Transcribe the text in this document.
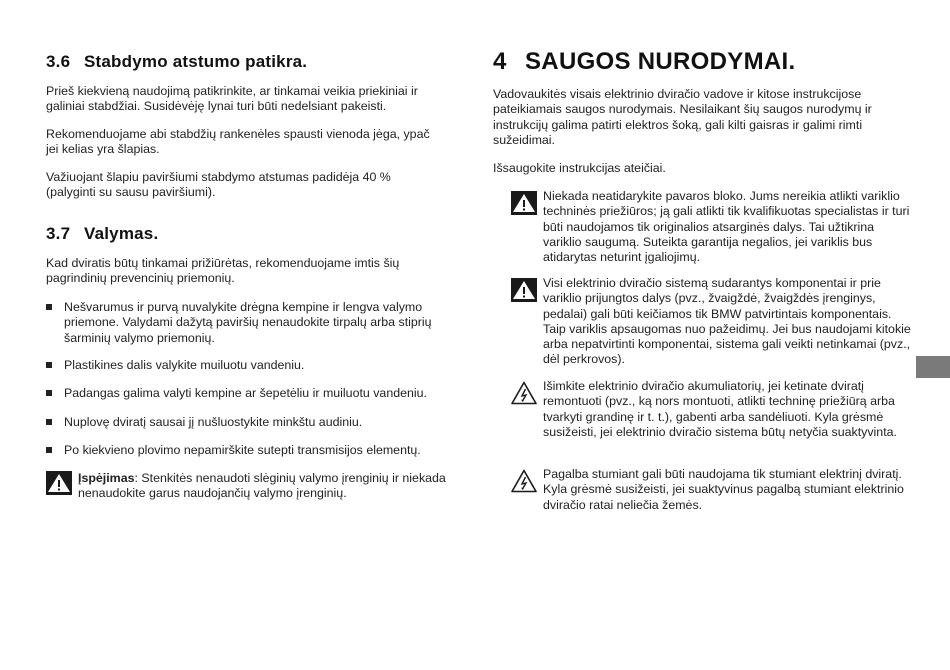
3.6 Stabdymo atstumo patikra.

Prieš kiekvieną naudojimą patikrinkite, ar tinkamai veikia priekiniai ir galiniai stabdžiai. Susidėvėję lynai turi būti nedelsiant pakeisti.

Rekomenduojame abi stabdžių rankenėles spausti vienoda jėga, ypač jei kelias yra šlapias.

Važiuojant šlapiu paviršiumi stabdymo atstumas padidėja 40 % (palyginti su sausu paviršiumi).

3.7 Valymas.

Kad dviratis būtų tinkamai prižiūrėtas, rekomenduojame imtis šių pagrindinių prevencinių priemonių.

Nešvarumus ir purvą nuvalykite drėgna kempine ir lengva valymo priemone. Valydami dažytą paviršių nenaudokite tirpalų arba stiprių šarminių valymo priemonių.

Plastikines dalis valykite muiluotu vandeniu.

Padangas galima valyti kempine ar šepetėliu ir muiluotu vandeniu.

Nuplovę dviratį sausai jį nušluostykite minkštu audiniu.

Po kiekvieno plovimo nepamirškite sutepti transmisijos elementų.

Įspėjimas: Stenkitės nenaudoti slėginių valymo įrenginių ir niekada nenaudokite garus naudojančių valymo įrenginių.

4 SAUGOS NURODYMAI.

Vadovaukitės visais elektrinio dviračio vadove ir kitose instrukcijose pateikiamais saugos nurodymais. Nesilaikant šių saugos nurodymų ir instrukcijų galima patirti elektros šoką, gali kilti gaisras ir galimi rimti sužeidimai.

Išsaugokite instrukcijas ateičiai.

Niekada neatidarykite pavaros bloko. Jums nereikia atlikti variklio techninės priežiūros; ją gali atlikti tik kvalifikuotas specialistas ir turi būti naudojamos tik originalios atsarginės dalys. Tai užtikrina variklio saugumą. Suteikta garantija negalios, jei variklis bus atidarytas neturint įgaliojimų.

Visi elektrinio dviračio sistemą sudarantys komponentai ir prie variklio prijungtos dalys (pvz., žvaigždė, žvaigždės įrenginys, pedalai) gali būti keičiamos tik BMW patvirtintais komponentais. Taip variklis apsaugomas nuo pažeidimų. Jei bus naudojami kitokie arba nepatvirtinti komponentai, sistema gali veikti netinkamai (pvz., dėl perkrovos).

Išimkite elektrinio dviračio akumuliatorių, jei ketinate dviratį remontuoti (pvz., ką nors montuoti, atlikti techninę priežiūrą arba tvarkyti grandinę ir t. t.), gabenti arba sandėliuoti. Kyla grėsmė susižeisti, jei elektrinio dviračio sistema būtų netyčia suaktyvinta.

Pagalba stumiant gali būti naudojama tik stumiant elektrinį dviratį. Kyla grėsmė susižeisti, jei suaktyvinus pagalbą stumiant elektrinio dviračio ratai neliečia žemės.
